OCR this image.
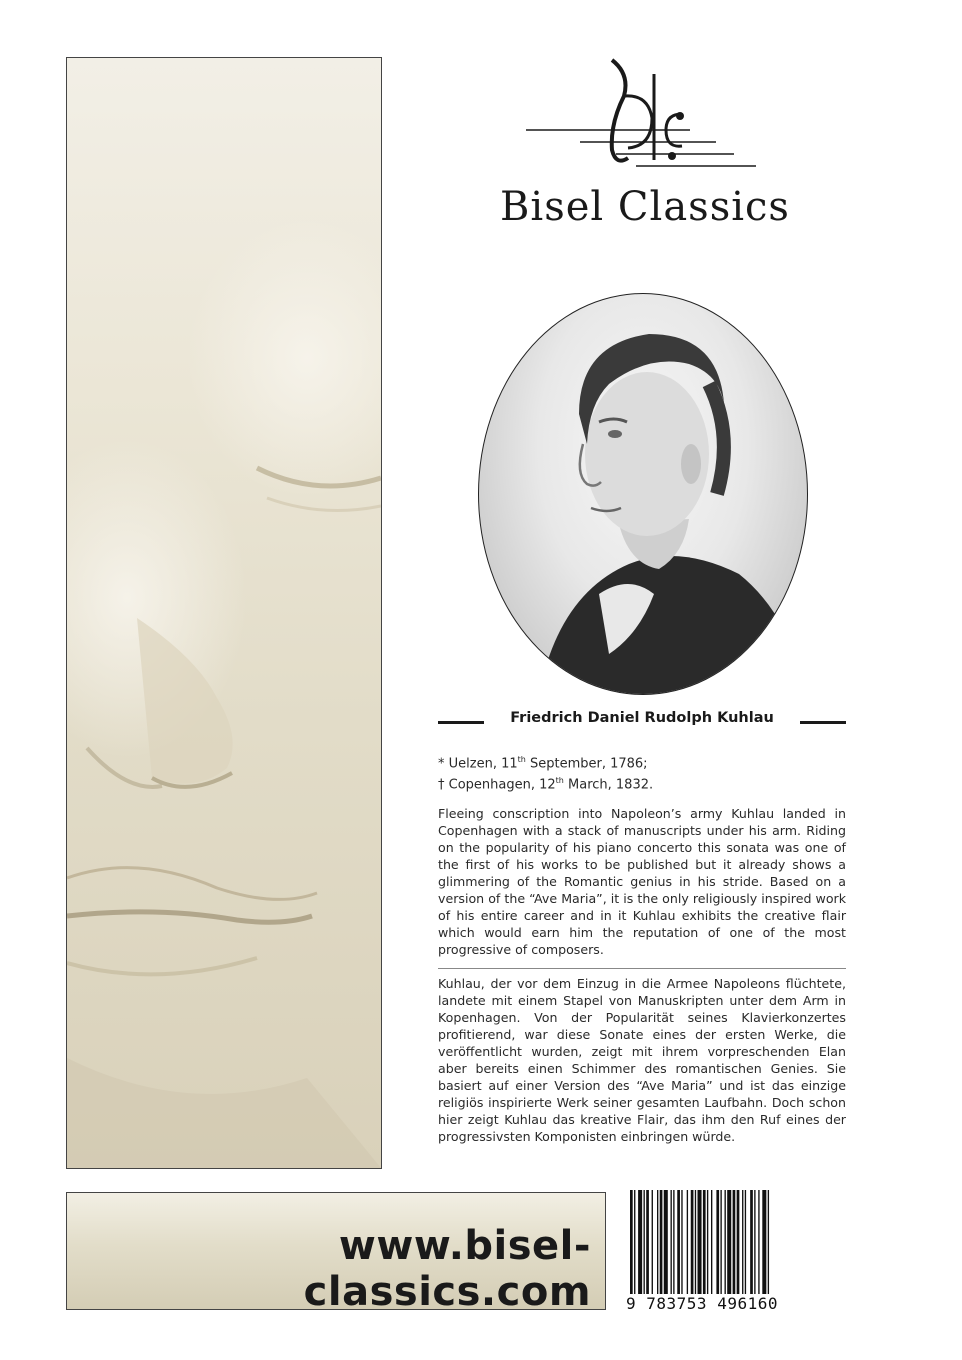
Bisel Classics
Friedrich Daniel Rudolph Kuhlau
* Uelzen, 11th September, 1786;
† Copenhagen, 12th March, 1832.
Fleeing conscription into Napoleon’s army Kuhlau landed in Copenhagen with a stack of manuscripts under his arm. Riding on the popularity of his piano concerto this sonata was one of the first of his works to be published but it already shows a glimmering of the Romantic genius in his stride. Based on a version of the “Ave Maria”, it is the only religiously inspired work of his entire career and in it Kuhlau exhibits the creative flair which would earn him the reputation of one of the most progressive of composers.
Kuhlau, der vor dem Einzug in die Armee Napoleons flüchtete, landete mit einem Stapel von Manuskripten unter dem Arm in Kopenhagen. Von der Popularität seines Klavierkonzertes profitierend, war diese Sonate eines der ersten Werke, die veröffentlicht wurden, zeigt mit ihrem vorpreschenden Elan aber bereits einen Schimmer des romantischen Genies. Sie basiert auf einer Version des “Ave Maria” und ist das einzige religiös inspirierte Werk seiner gesamten Laufbahn. Doch schon hier zeigt Kuhlau das kreative Flair, das ihm den Ruf eines der progressivsten Komponisten einbringen würde.
www.bisel-classics.com 9 783753 496160
